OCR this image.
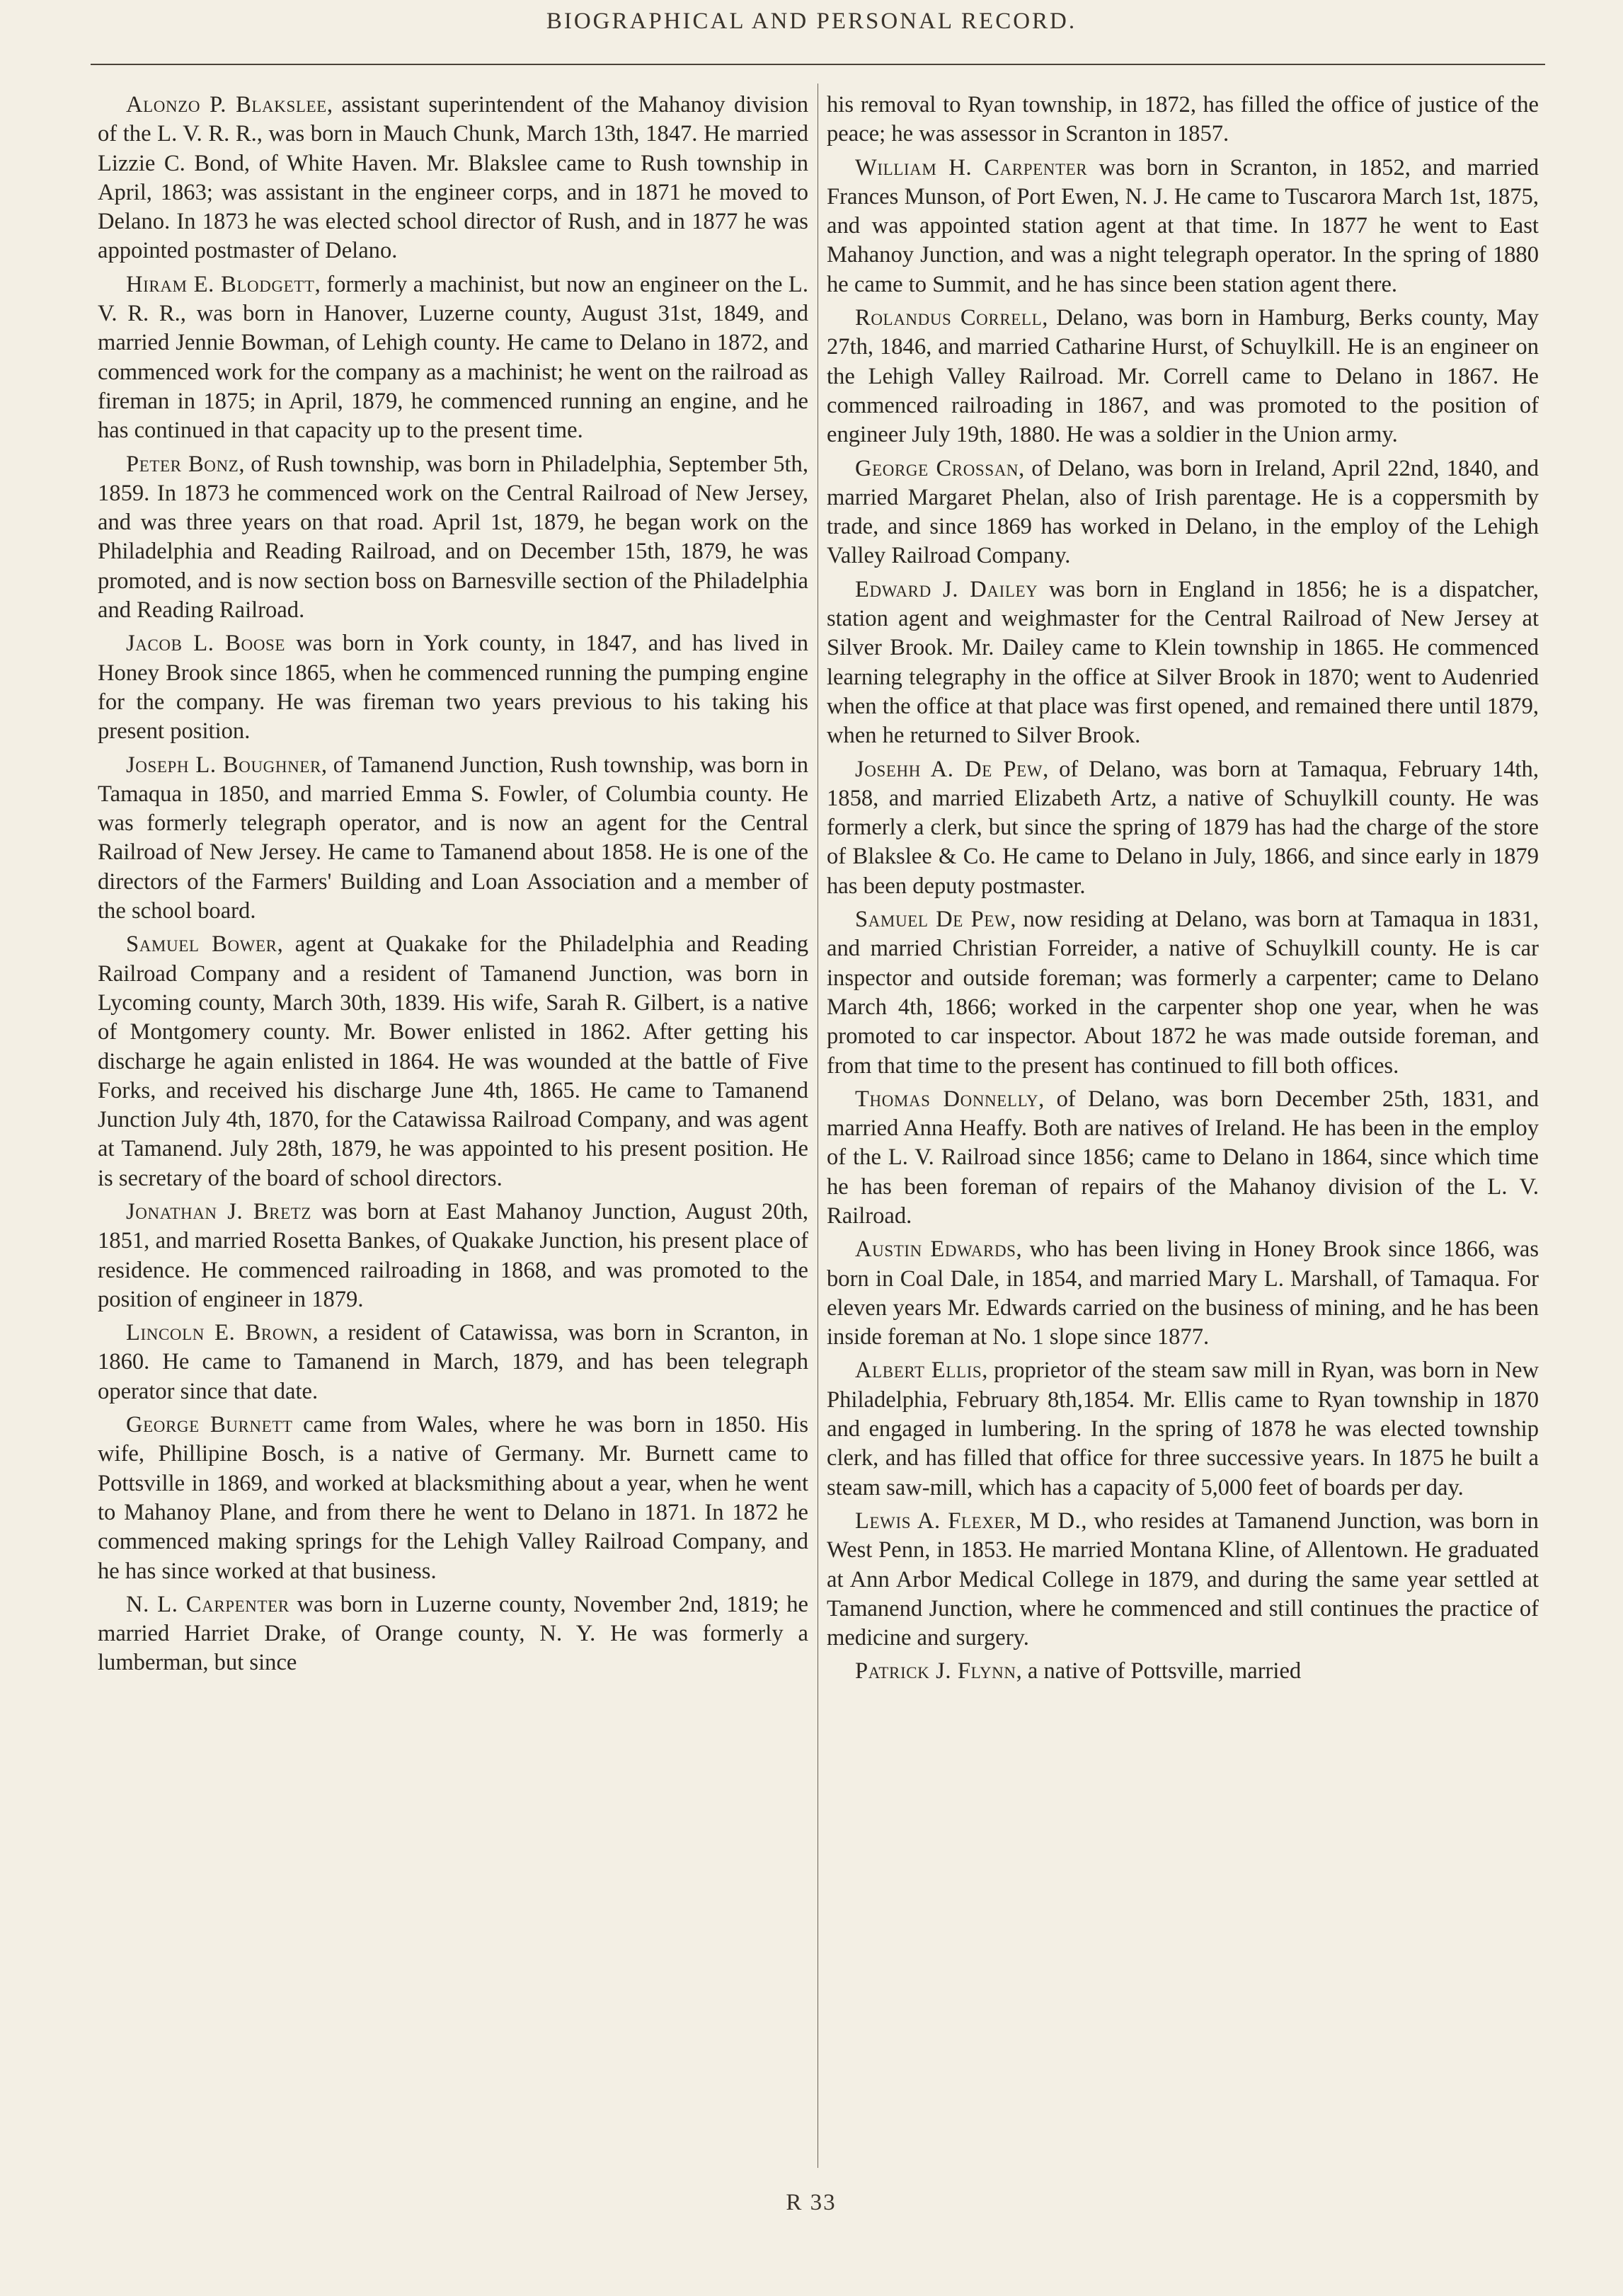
BIOGRAPHICAL AND PERSONAL RECORD.

Alonzo P. Blakslee, assistant superintendent of the Mahanoy division of the L. V. R. R., was born in Mauch Chunk, March 13th, 1847. He married Lizzie C. Bond, of White Haven. Mr. Blakslee came to Rush township in April, 1863; was assistant in the engineer corps, and in 1871 he moved to Delano. In 1873 he was elected school director of Rush, and in 1877 he was appointed postmaster of Delano.

Hiram E. Blodgett, formerly a machinist, but now an engineer on the L. V. R. R., was born in Hanover, Luzerne county, August 31st, 1849, and married Jennie Bowman, of Lehigh county. He came to Delano in 1872, and commenced work for the company as a machinist; he went on the railroad as fireman in 1875; in April, 1879, he commenced running an engine, and he has continued in that capacity up to the present time.

Peter Bonz, of Rush township, was born in Philadelphia, September 5th, 1859. In 1873 he commenced work on the Central Railroad of New Jersey, and was three years on that road. April 1st, 1879, he began work on the Philadelphia and Reading Railroad, and on December 15th, 1879, he was promoted, and is now section boss on Barnesville section of the Philadelphia and Reading Railroad.

Jacob L. Boose was born in York county, in 1847, and has lived in Honey Brook since 1865, when he commenced running the pumping engine for the company. He was fireman two years previous to his taking his present position.

Joseph L. Boughner, of Tamanend Junction, Rush township, was born in Tamaqua in 1850, and married Emma S. Fowler, of Columbia county. He was formerly telegraph operator, and is now an agent for the Central Railroad of New Jersey. He came to Tamanend about 1858. He is one of the directors of the Farmers' Building and Loan Association and a member of the school board.

Samuel Bower, agent at Quakake for the Philadelphia and Reading Railroad Company and a resident of Tamanend Junction, was born in Lycoming county, March 30th, 1839. His wife, Sarah R. Gilbert, is a native of Montgomery county. Mr. Bower enlisted in 1862. After getting his discharge he again enlisted in 1864. He was wounded at the battle of Five Forks, and received his discharge June 4th, 1865. He came to Tamanend Junction July 4th, 1870, for the Catawissa Railroad Company, and was agent at Tamanend. July 28th, 1879, he was appointed to his present position. He is secretary of the board of school directors.

Jonathan J. Bretz was born at East Mahanoy Junction, August 20th, 1851, and married Rosetta Bankes, of Quakake Junction, his present place of residence. He commenced railroading in 1868, and was promoted to the position of engineer in 1879.

Lincoln E. Brown, a resident of Catawissa, was born in Scranton, in 1860. He came to Tamanend in March, 1879, and has been telegraph operator since that date.

George Burnett came from Wales, where he was born in 1850. His wife, Phillipine Bosch, is a native of Germany. Mr. Burnett came to Pottsville in 1869, and worked at blacksmithing about a year, when he went to Mahanoy Plane, and from there he went to Delano in 1871. In 1872 he commenced making springs for the Lehigh Valley Railroad Company, and he has since worked at that business.

N. L. Carpenter was born in Luzerne county, November 2nd, 1819; he married Harriet Drake, of Orange county, N. Y. He was formerly a lumberman, but since

his removal to Ryan township, in 1872, has filled the office of justice of the peace; he was assessor in Scranton in 1857.

William H. Carpenter was born in Scranton, in 1852, and married Frances Munson, of Port Ewen, N. J. He came to Tuscarora March 1st, 1875, and was appointed station agent at that time. In 1877 he went to East Mahanoy Junction, and was a night telegraph operator. In the spring of 1880 he came to Summit, and he has since been station agent there.

Rolandus Correll, Delano, was born in Hamburg, Berks county, May 27th, 1846, and married Catharine Hurst, of Schuylkill. He is an engineer on the Lehigh Valley Railroad. Mr. Correll came to Delano in 1867. He commenced railroading in 1867, and was promoted to the position of engineer July 19th, 1880. He was a soldier in the Union army.

George Crossan, of Delano, was born in Ireland, April 22nd, 1840, and married Margaret Phelan, also of Irish parentage. He is a coppersmith by trade, and since 1869 has worked in Delano, in the employ of the Lehigh Valley Railroad Company.

Edward J. Dailey was born in England in 1856; he is a dispatcher, station agent and weighmaster for the Central Railroad of New Jersey at Silver Brook. Mr. Dailey came to Klein township in 1865. He commenced learning telegraphy in the office at Silver Brook in 1870; went to Audenried when the office at that place was first opened, and remained there until 1879, when he returned to Silver Brook.

Josehh A. De Pew, of Delano, was born at Tamaqua, February 14th, 1858, and married Elizabeth Artz, a native of Schuylkill county. He was formerly a clerk, but since the spring of 1879 has had the charge of the store of Blakslee & Co. He came to Delano in July, 1866, and since early in 1879 has been deputy postmaster.

Samuel De Pew, now residing at Delano, was born at Tamaqua in 1831, and married Christian Forreider, a native of Schuylkill county. He is car inspector and outside foreman; was formerly a carpenter; came to Delano March 4th, 1866; worked in the carpenter shop one year, when he was promoted to car inspector. About 1872 he was made outside foreman, and from that time to the present has continued to fill both offices.

Thomas Donnelly, of Delano, was born December 25th, 1831, and married Anna Heaffy. Both are natives of Ireland. He has been in the employ of the L. V. Railroad since 1856; came to Delano in 1864, since which time he has been foreman of repairs of the Mahanoy division of the L. V. Railroad.

Austin Edwards, who has been living in Honey Brook since 1866, was born in Coal Dale, in 1854, and married Mary L. Marshall, of Tamaqua. For eleven years Mr. Edwards carried on the business of mining, and he has been inside foreman at No. 1 slope since 1877.

Albert Ellis, proprietor of the steam saw mill in Ryan, was born in New Philadelphia, February 8th,1854. Mr. Ellis came to Ryan township in 1870 and engaged in lumbering. In the spring of 1878 he was elected township clerk, and has filled that office for three successive years. In 1875 he built a steam saw-mill, which has a capacity of 5,000 feet of boards per day.

Lewis A. Flexer, M D., who resides at Tamanend Junction, was born in West Penn, in 1853. He married Montana Kline, of Allentown. He graduated at Ann Arbor Medical College in 1879, and during the same year settled at Tamanend Junction, where he commenced and still continues the practice of medicine and surgery.

Patrick J. Flynn, a native of Pottsville, married

R 33
